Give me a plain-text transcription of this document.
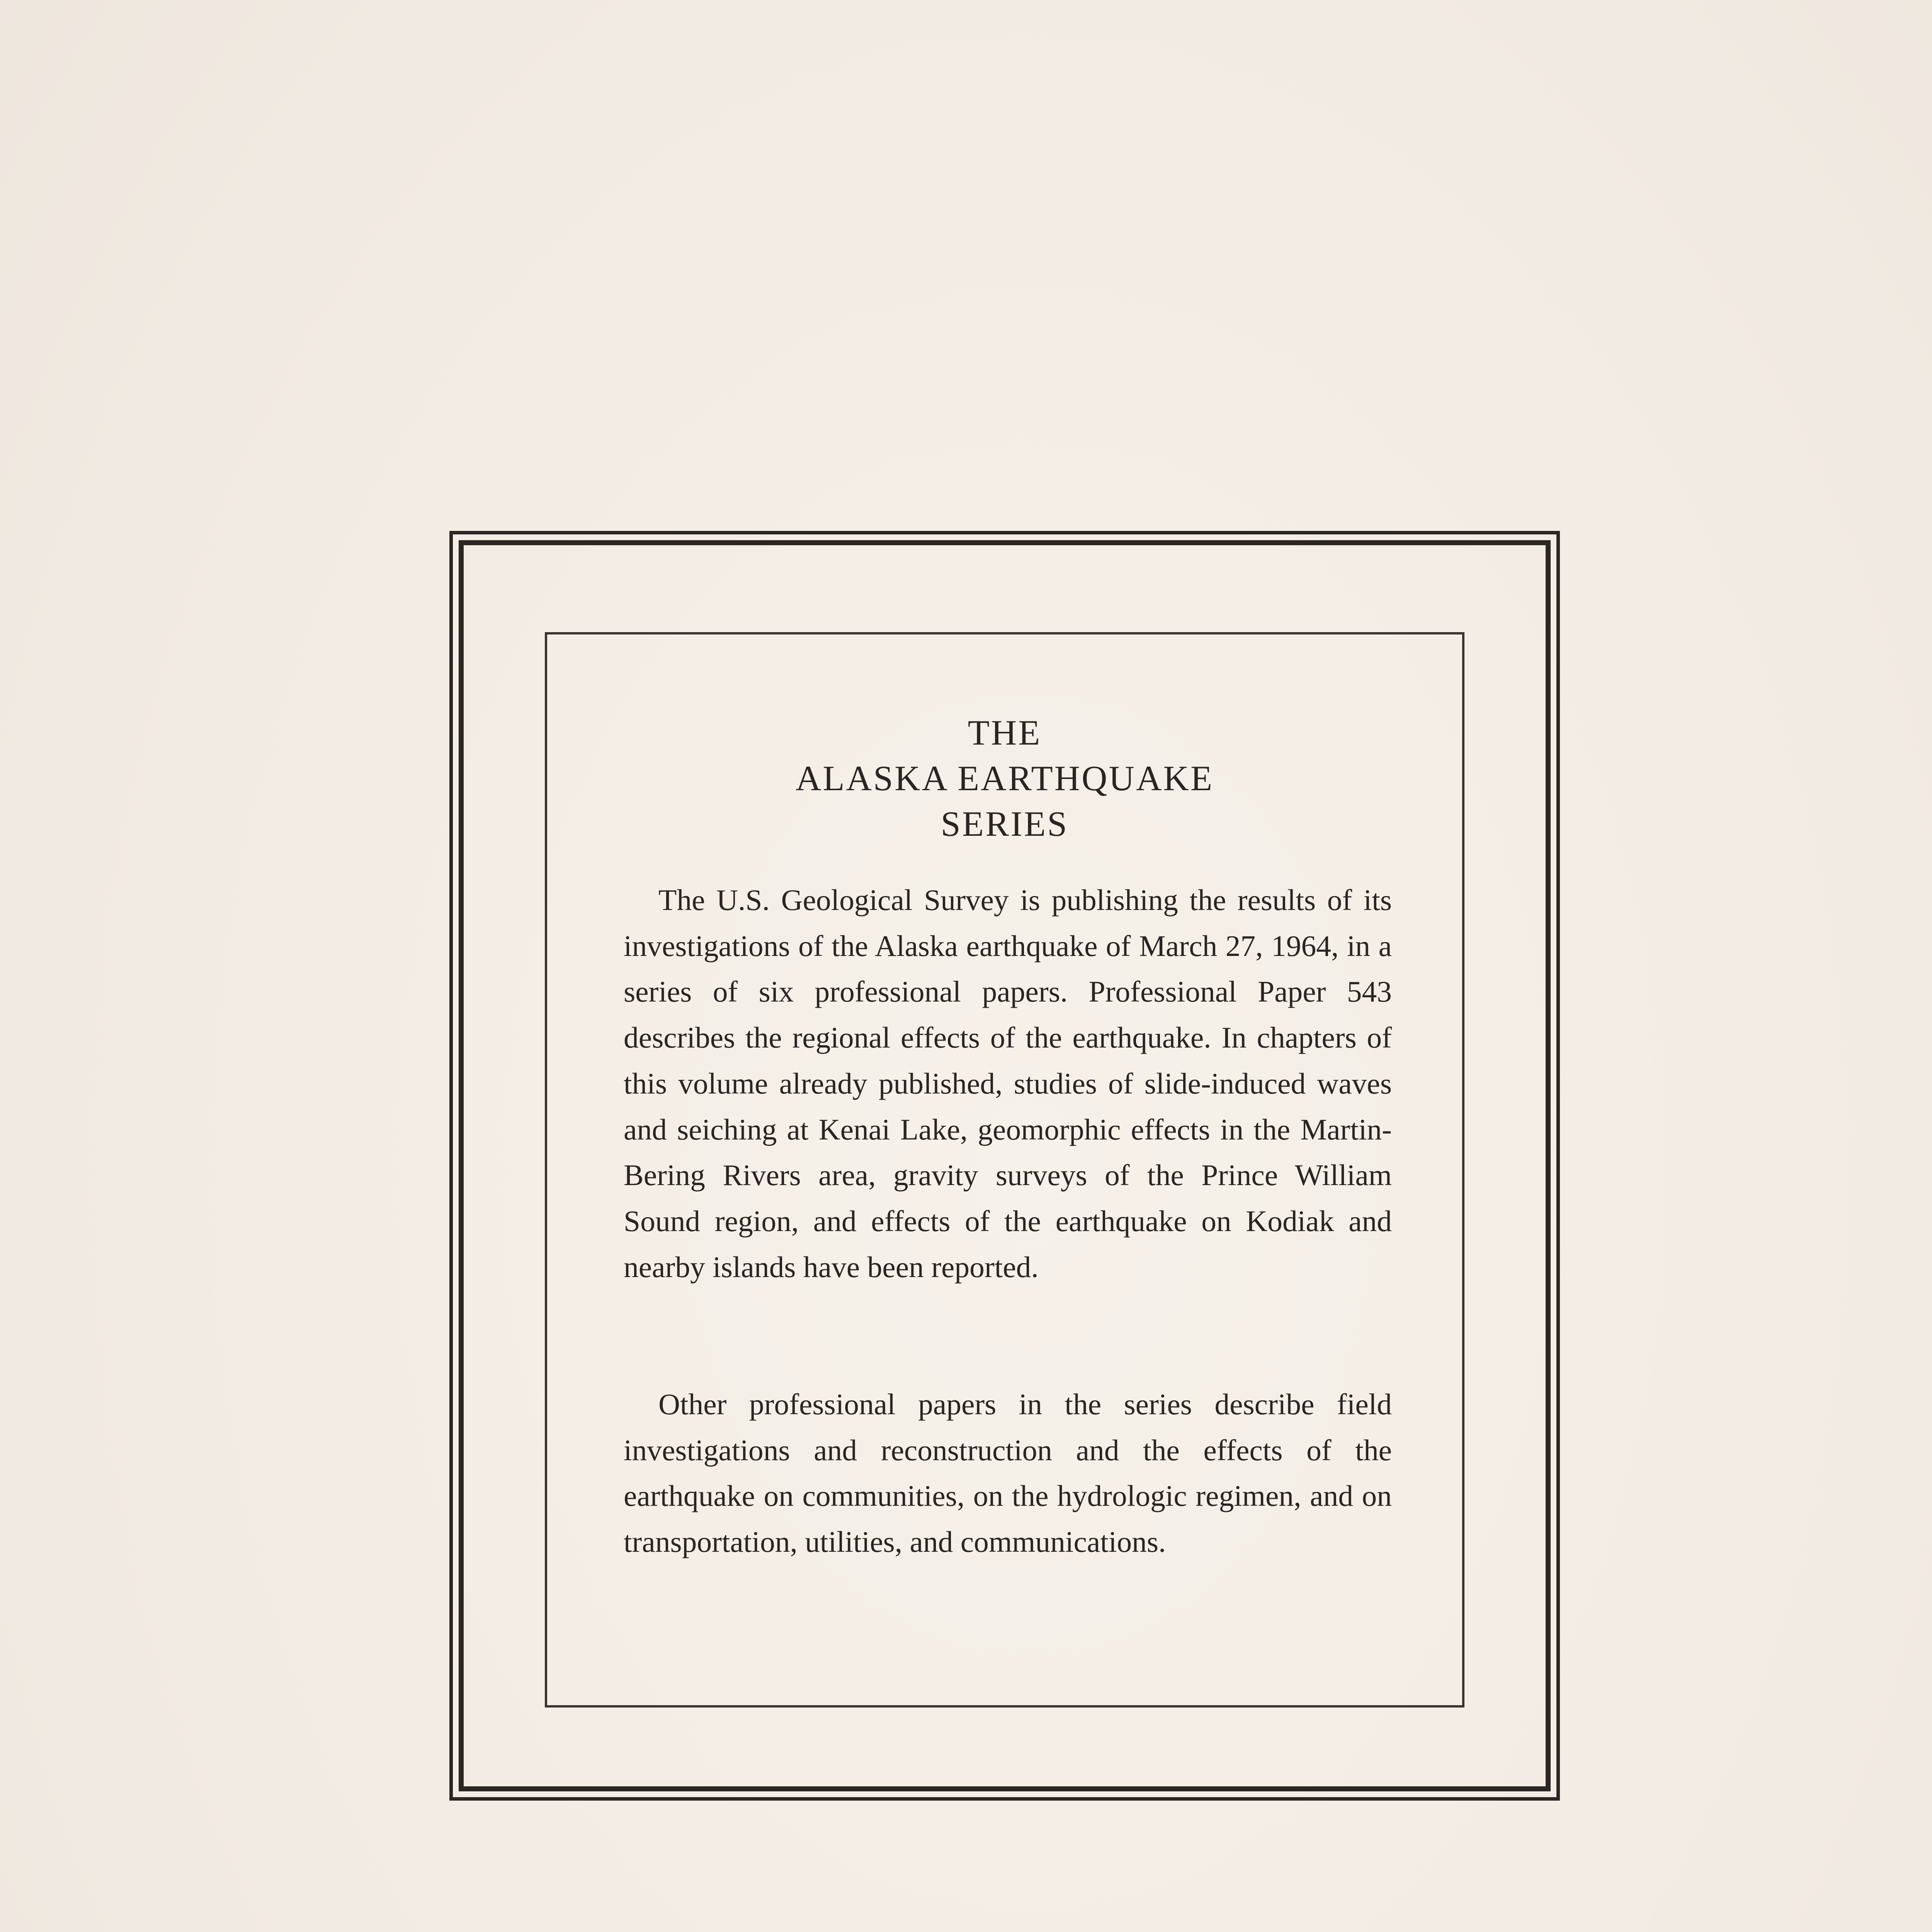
THE
ALASKA EARTHQUAKE
SERIES

The U.S. Geological Survey is publishing the results of its investigations of the Alaska earthquake of March 27, 1964, in a series of six professional papers. Professional Paper 543 describes the regional effects of the earthquake. In chapters of this volume already published, studies of slide-induced waves and seiching at Kenai Lake, geomorphic effects in the Martin-Bering Rivers area, gravity surveys of the Prince William Sound region, and effects of the earthquake on Kodiak and nearby islands have been reported.

Other professional papers in the series describe field investigations and reconstruction and the effects of the earthquake on communities, on the hydrologic regimen, and on transportation, utilities, and communications.
